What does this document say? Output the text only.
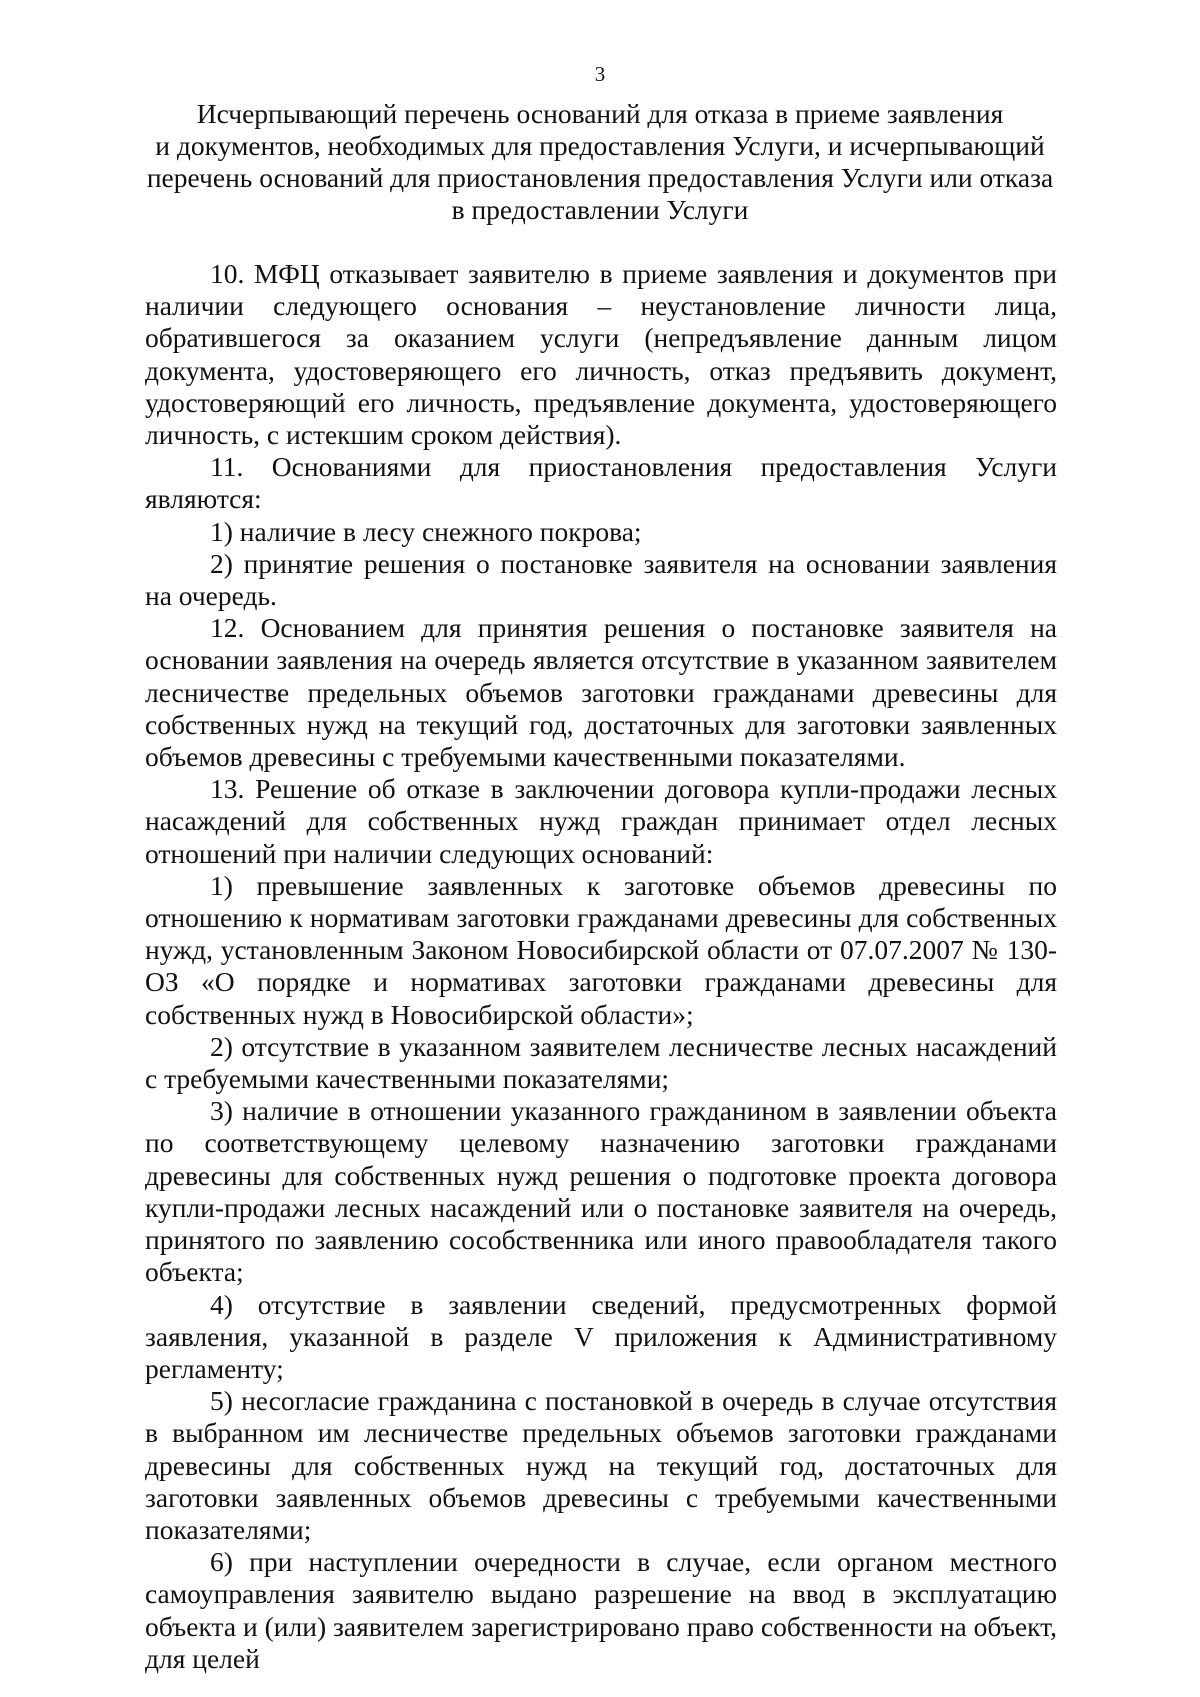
3
Исчерпывающий перечень оснований для отказа в приеме заявления
и документов, необходимых для предоставления Услуги, и исчерпывающий
перечень оснований для приостановления предоставления Услуги или отказа
в предоставлении Услуги

10. МФЦ отказывает заявителю в приеме заявления и документов при наличии следующего основания – неустановление личности лица, обратившегося за оказанием услуги (непредъявление данным лицом документа, удостоверяющего его личность, отказ предъявить документ, удостоверяющий его личность, предъявление документа, удостоверяющего личность, с истекшим сроком действия).

11. Основаниями для приостановления предоставления Услуги являются:

1) наличие в лесу снежного покрова;

2) принятие решения о постановке заявителя на основании заявления на очередь.

12. Основанием для принятия решения о постановке заявителя на основании заявления на очередь является отсутствие в указанном заявителем лесничестве предельных объемов заготовки гражданами древесины для собственных нужд на текущий год, достаточных для заготовки заявленных объемов древесины с требуемыми качественными показателями.

13. Решение об отказе в заключении договора купли-продажи лесных насаждений для собственных нужд граждан принимает отдел лесных отношений при наличии следующих оснований:

1) превышение заявленных к заготовке объемов древесины по отношению к нормативам заготовки гражданами древесины для собственных нужд, установленным Законом Новосибирской области от 07.07.2007 № 130-ОЗ «О порядке и нормативах заготовки гражданами древесины для собственных нужд в Новосибирской области»;

2) отсутствие в указанном заявителем лесничестве лесных насаждений с требуемыми качественными показателями;

3) наличие в отношении указанного гражданином в заявлении объекта по соответствующему целевому назначению заготовки гражданами древесины для собственных нужд решения о подготовке проекта договора купли-продажи лесных насаждений или о постановке заявителя на очередь, принятого по заявлению сособственника или иного правообладателя такого объекта;

4) отсутствие в заявлении сведений, предусмотренных формой заявления, указанной в разделе V приложения к Административному регламенту;

5) несогласие гражданина с постановкой в очередь в случае отсутствия в выбранном им лесничестве предельных объемов заготовки гражданами древесины для собственных нужд на текущий год, достаточных для заготовки заявленных объемов древесины с требуемыми качественными показателями;

6) при наступлении очередности в случае, если органом местного самоуправления заявителю выдано разрешение на ввод в эксплуатацию объекта и (или) заявителем зарегистрировано право собственности на объект, для целей
